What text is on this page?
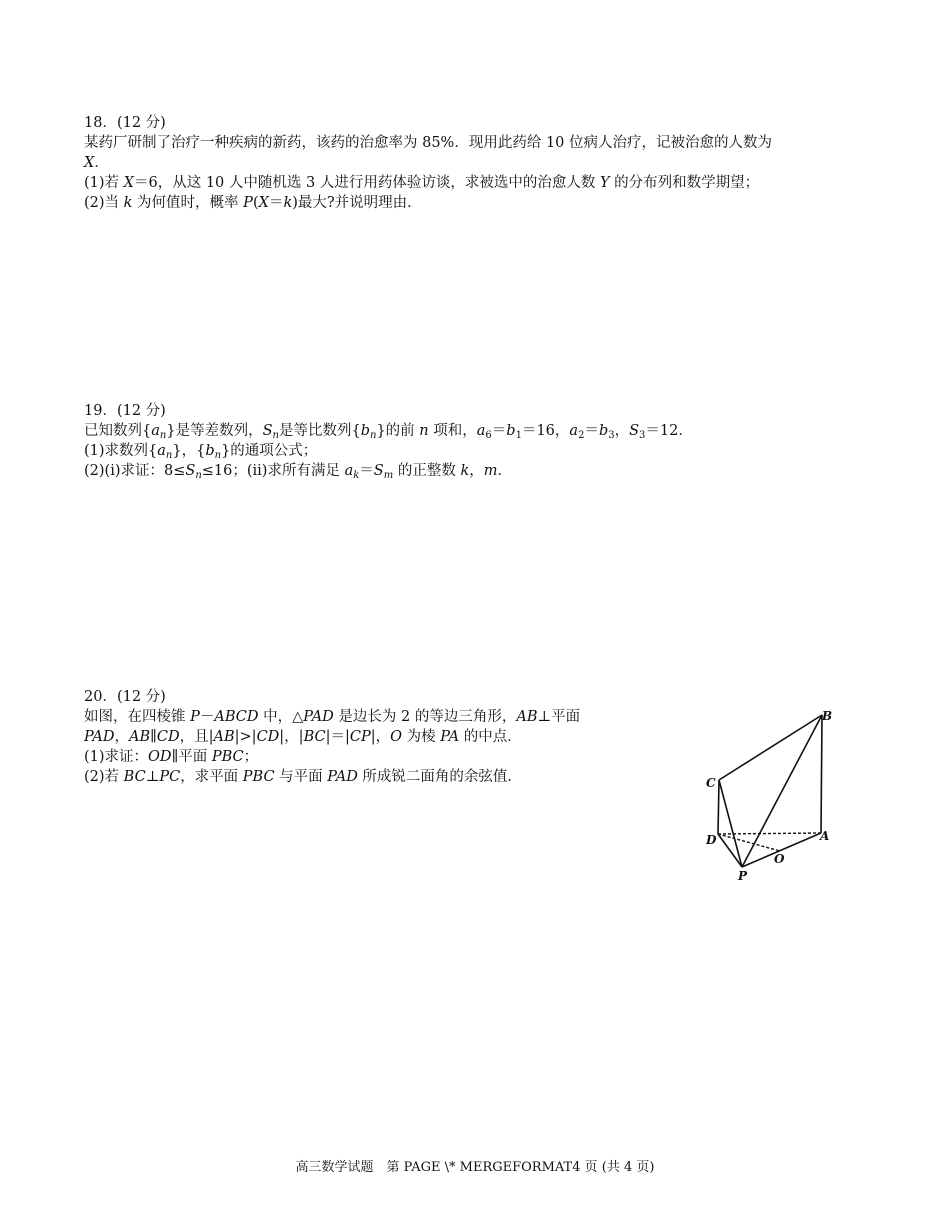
18．(12 分)
某药厂研制了治疗一种疾病的新药，该药的治愈率为 85%．现用此药给 10 位病人治疗，记被治愈的人数为
X．
(1)若 X＝6，从这 10 人中随机选 3 人进行用药体验访谈，求被选中的治愈人数 Y 的分布列和数学期望；
(2)当 k 为何值时，概率 P(X＝k)最大?并说明理由．
19．(12 分)
已知数列$\{a_n\}$是等差数列，$S_n$是等比数列$\{b_n\}$的前 n 项和，$a_6=b_1=16$，$a_2=b_3$，$S_3=12$．
(1)求数列$\{a_n\}$，$\{b_n\}$的通项公式；
(2)(i)求证：$8\le S_n\le 16$；(ii)求所有满足 $a_k=S_m$ 的正整数 k，m．
20．(12 分)
如图，在四棱锥 P－ABCD 中，△PAD 是边长为 2 的等边三角形，AB⊥平面
PAD，AB∥CD，且|AB|>|CD|，|BC|＝|CP|，O 为棱 PA 的中点．
(1)求证：OD∥平面 PBC；
(2)若 BC⊥PC，求平面 PBC 与平面 PAD 所成锐二面角的余弦值．
B
C
D	A
O
P
高三数学试题　第 PAGE \* MERGEFORMAT4 页 (共 4 页)
